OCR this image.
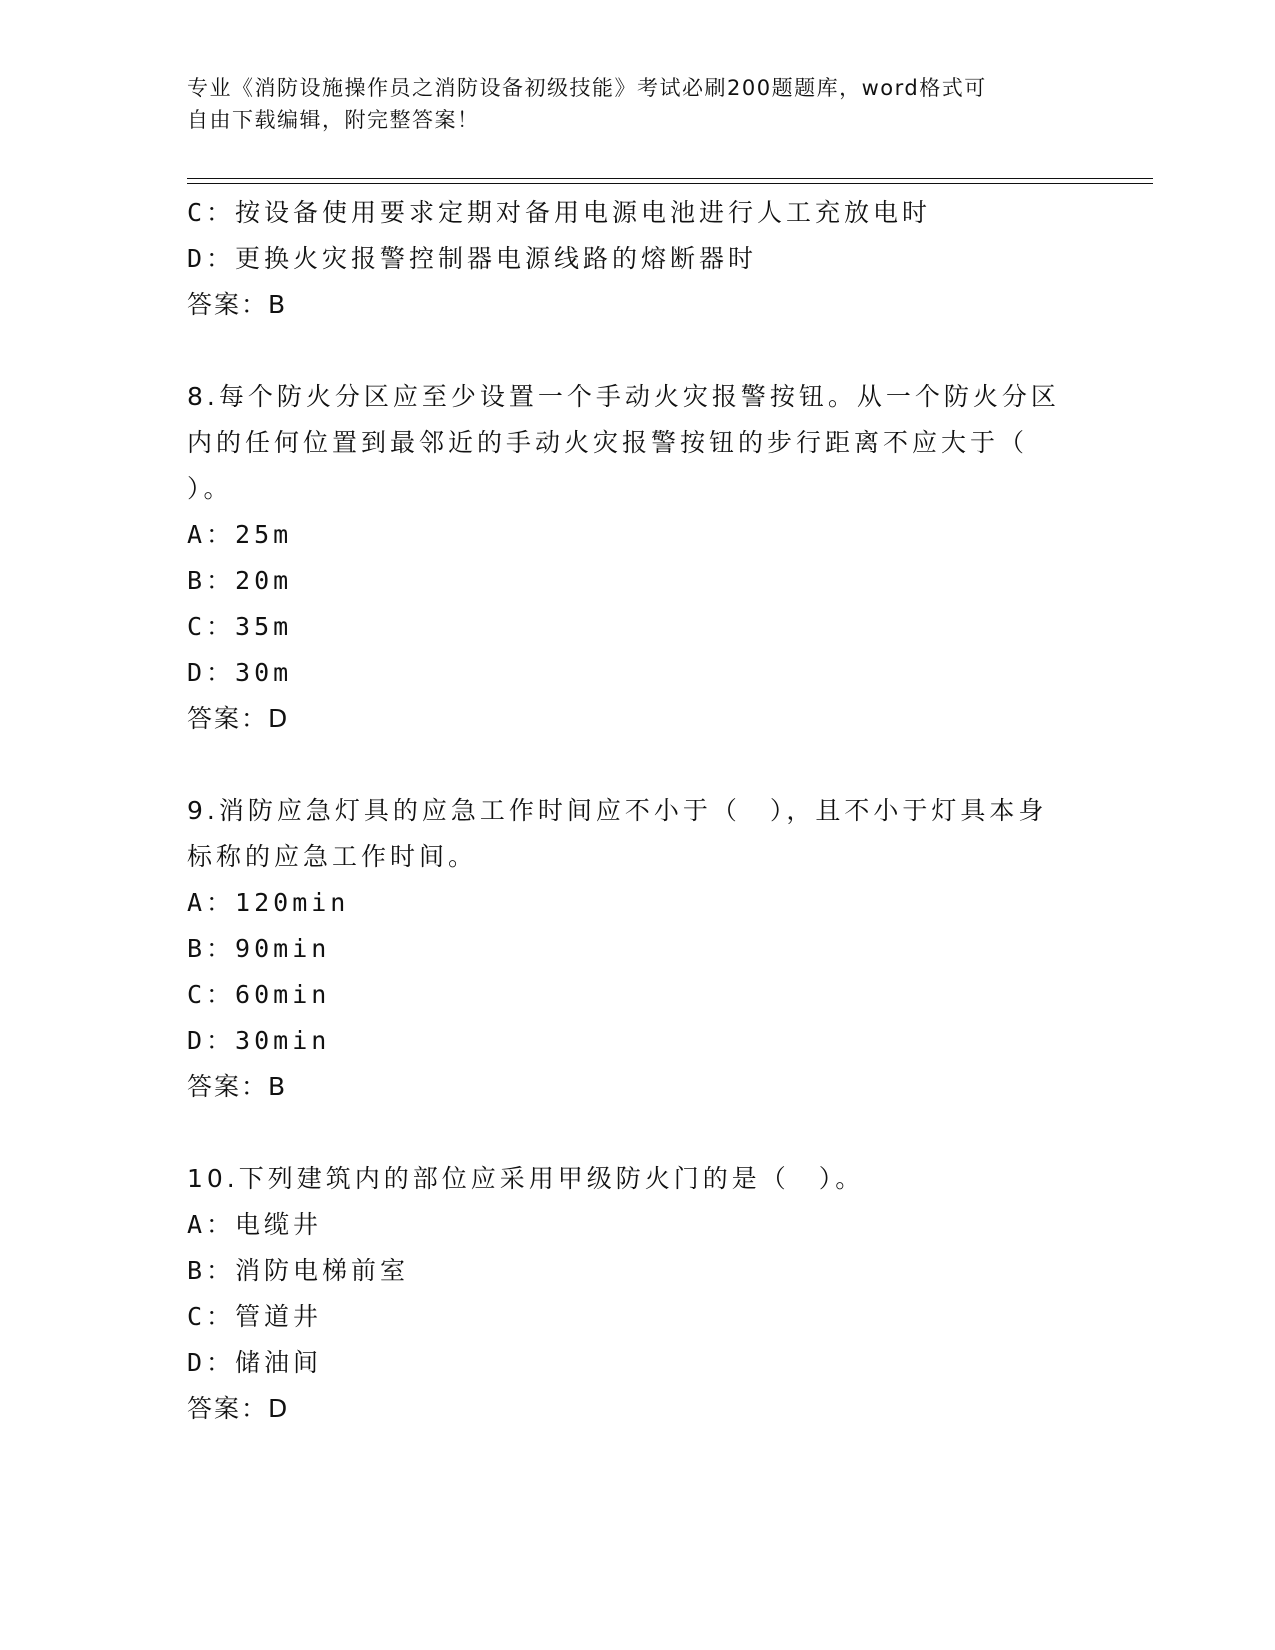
专业《消防设施操作员之消防设备初级技能》考试必刷200题题库，word格式可
自由下载编辑，附完整答案！
C：按设备使用要求定期对备用电源电池进行人工充放电时
D：更换火灾报警控制器电源线路的熔断器时
答案：B
8.每个防火分区应至少设置一个手动火灾报警按钮。从一个防火分区
内的任何位置到最邻近的手动火灾报警按钮的步行距离不应大于（
）。
A：25m
B：20m
C：35m
D：30m
答案：D
9.消防应急灯具的应急工作时间应不小于（　），且不小于灯具本身
标称的应急工作时间。
A：120min
B：90min
C：60min
D：30min
答案：B
10.下列建筑内的部位应采用甲级防火门的是（　）。
A：电缆井
B：消防电梯前室
C：管道井
D：储油间
答案：D
